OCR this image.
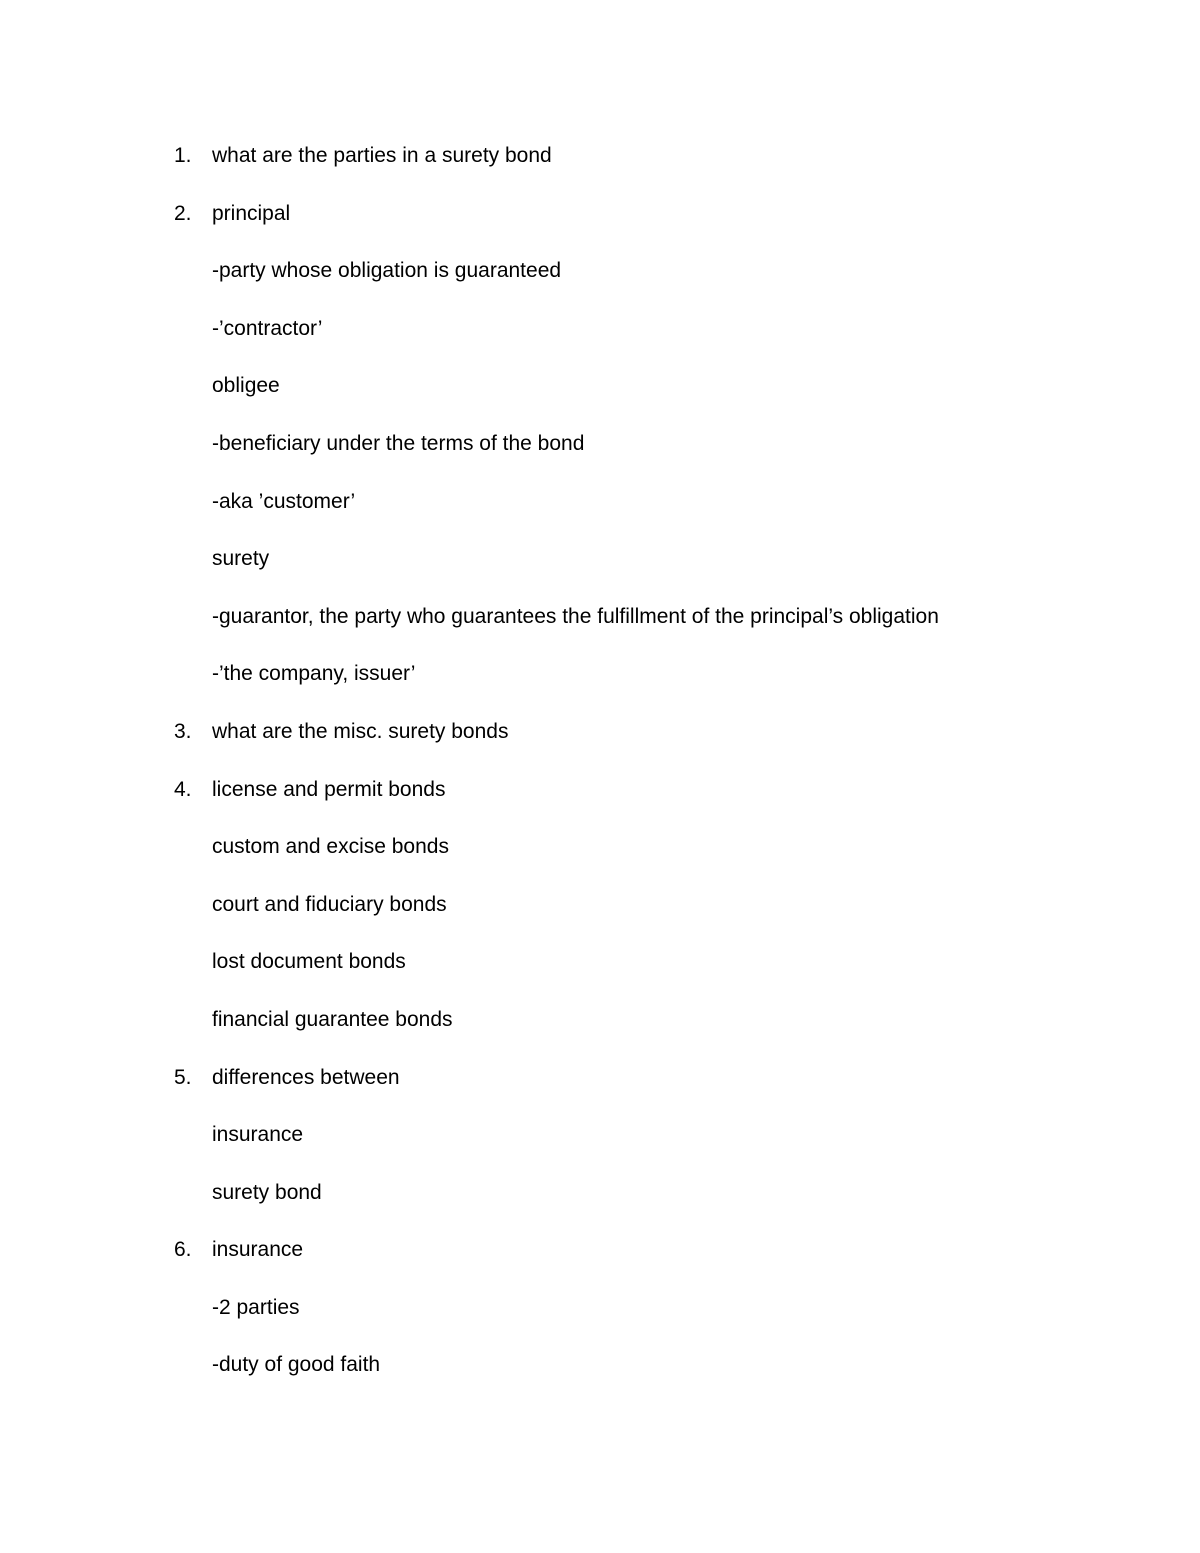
1. what are the parties in a surety bond
2. principal
-party whose obligation is guaranteed
-’contractor’
obligee
-beneficiary under the terms of the bond
-aka ’customer’
surety
-guarantor, the party who guarantees the fulfillment of the principal’s obligation
-’the company, issuer’
3. what are the misc. surety bonds
4. license and permit bonds
custom and excise bonds
court and fiduciary bonds
lost document bonds
financial guarantee bonds
5. differences between
insurance
surety bond
6. insurance
-2 parties
-duty of good faith
